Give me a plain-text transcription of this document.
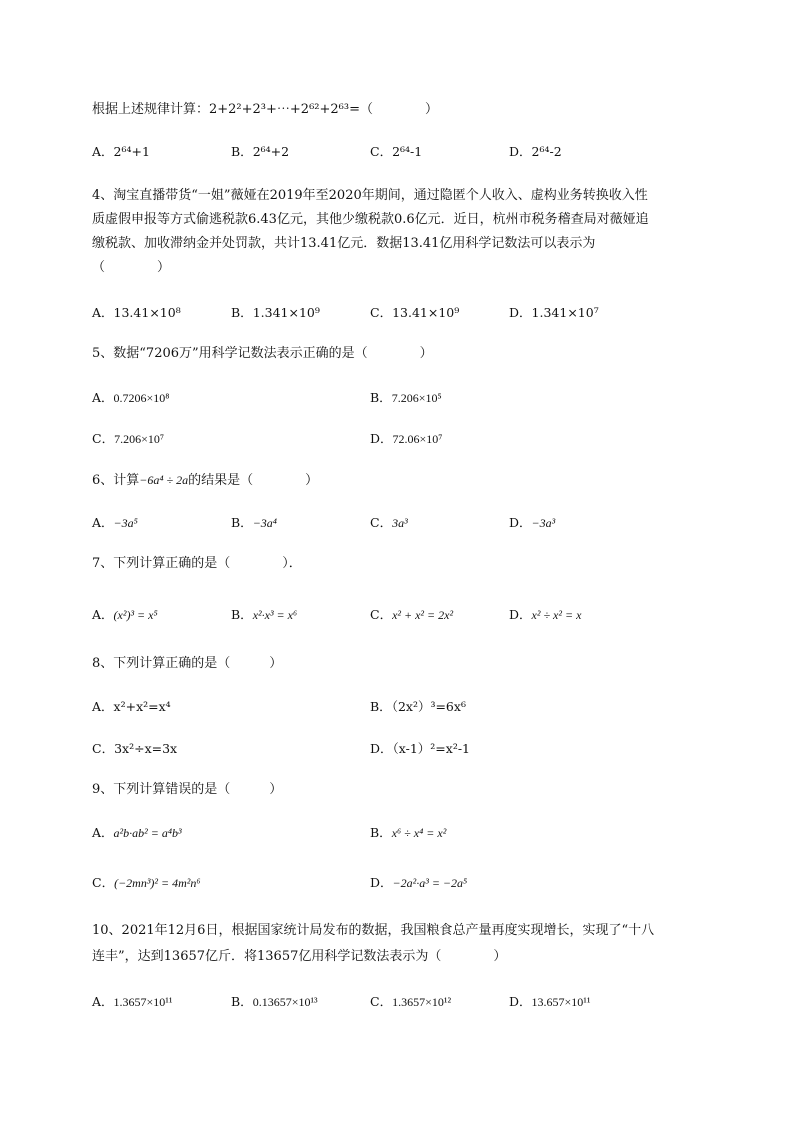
根据上述规律计算：2+2²+2³+⋯+2⁶²+2⁶³=（　　　　）
A．2⁶⁴+1	B．2⁶⁴+2	C．2⁶⁴-1	D．2⁶⁴-2
4、淘宝直播带货“一姐”薇娅在2019年至2020年期间，通过隐匿个人收入、虚构业务转换收入性
质虚假申报等方式偷逃税款6.43亿元，其他少缴税款0.6亿元．近日，杭州市税务稽查局对薇娅追
缴税款、加收滞纳金并处罚款，共计13.41亿元．数据13.41亿用科学记数法可以表示为
（　　　　）
A．13.41×10⁸	B．1.341×10⁹	C．13.41×10⁹	D．1.341×10⁷
5、数据“7206万”用科学记数法表示正确的是（　　　　）
A．0.7206×10⁸	B．7.206×10⁵
C．7.206×10⁷	D．72.06×10⁷
6、计算−6a⁴ ÷ 2a的结果是（　　　　）
A．−3a⁵	B．−3a⁴	C．3a³	D．−3a³
7、下列计算正确的是（　　　　）．
A．(x²)³ = x⁵	B．x²·x³ = x⁶	C．x² + x² = 2x²	D．x² ÷ x² = x
8、下列计算正确的是（　　　）
A．x²+x²=x⁴	B．（2x²）³=6x⁶
C．3x²÷x=3x	D．（x-1）²=x²-1
9、下列计算错误的是（　　　）
A．a²b·ab² = a⁴b³	B．x⁶ ÷ x⁴ = x²
C．(−2mn³)² = 4m²n⁶	D．−2a²·a³ = −2a⁵
10、2021年12月6日，根据国家统计局发布的数据，我国粮食总产量再度实现增长，实现了“十八
连丰”，达到13657亿斤．将13657亿用科学记数法表示为（　　　　）
A．1.3657×10¹¹	B．0.13657×10¹³	C．1.3657×10¹²	D．13.657×10¹¹
